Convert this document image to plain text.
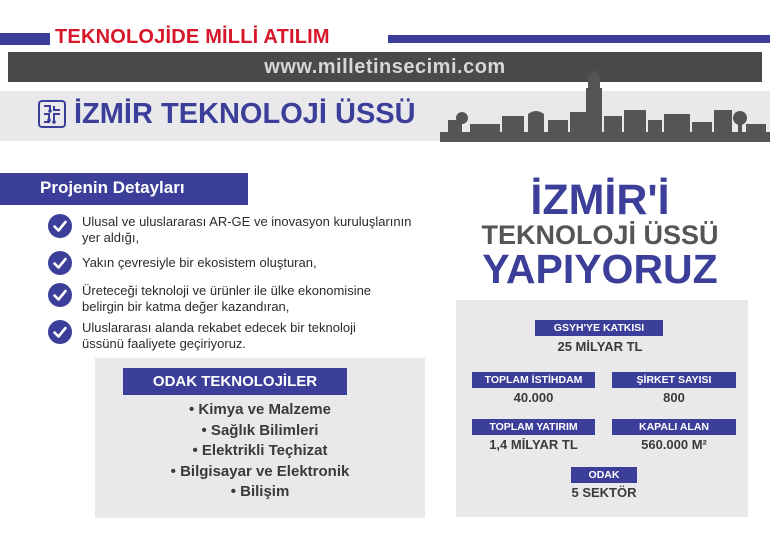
TEKNOLOJİDE MİLLİ ATILIM
www.milletinsecimi.com
İZMİR TEKNOLOJİ ÜSSÜ
Projenin Detayları
Ulusal ve uluslararası AR-GE ve inovasyon kuruluşlarının
yer aldığı,
Yakın çevresiyle bir ekosistem oluşturan,
Üreteceği teknoloji ve ürünler ile ülke ekonomisine
belirgin bir katma değer kazandıran,
Uluslararası alanda rekabet edecek bir teknoloji
üssünü faaliyete geçiriyoruz.
ODAK TEKNOLOJİLER
• Kimya ve Malzeme
• Sağlık Bilimleri
• Elektrikli Teçhizat
• Bilgisayar ve Elektronik
• Bilişim
İZMİR'İ
TEKNOLOJİ ÜSSÜ
YAPIYORUZ
GSYH'YE KATKISI
25 MİLYAR TL
TOPLAM İSTİHDAM
40.000
ŞİRKET SAYISI
800
TOPLAM YATIRIM
1,4 MİLYAR TL
KAPALI ALAN
560.000 M²
ODAK
5 SEKTÖR
